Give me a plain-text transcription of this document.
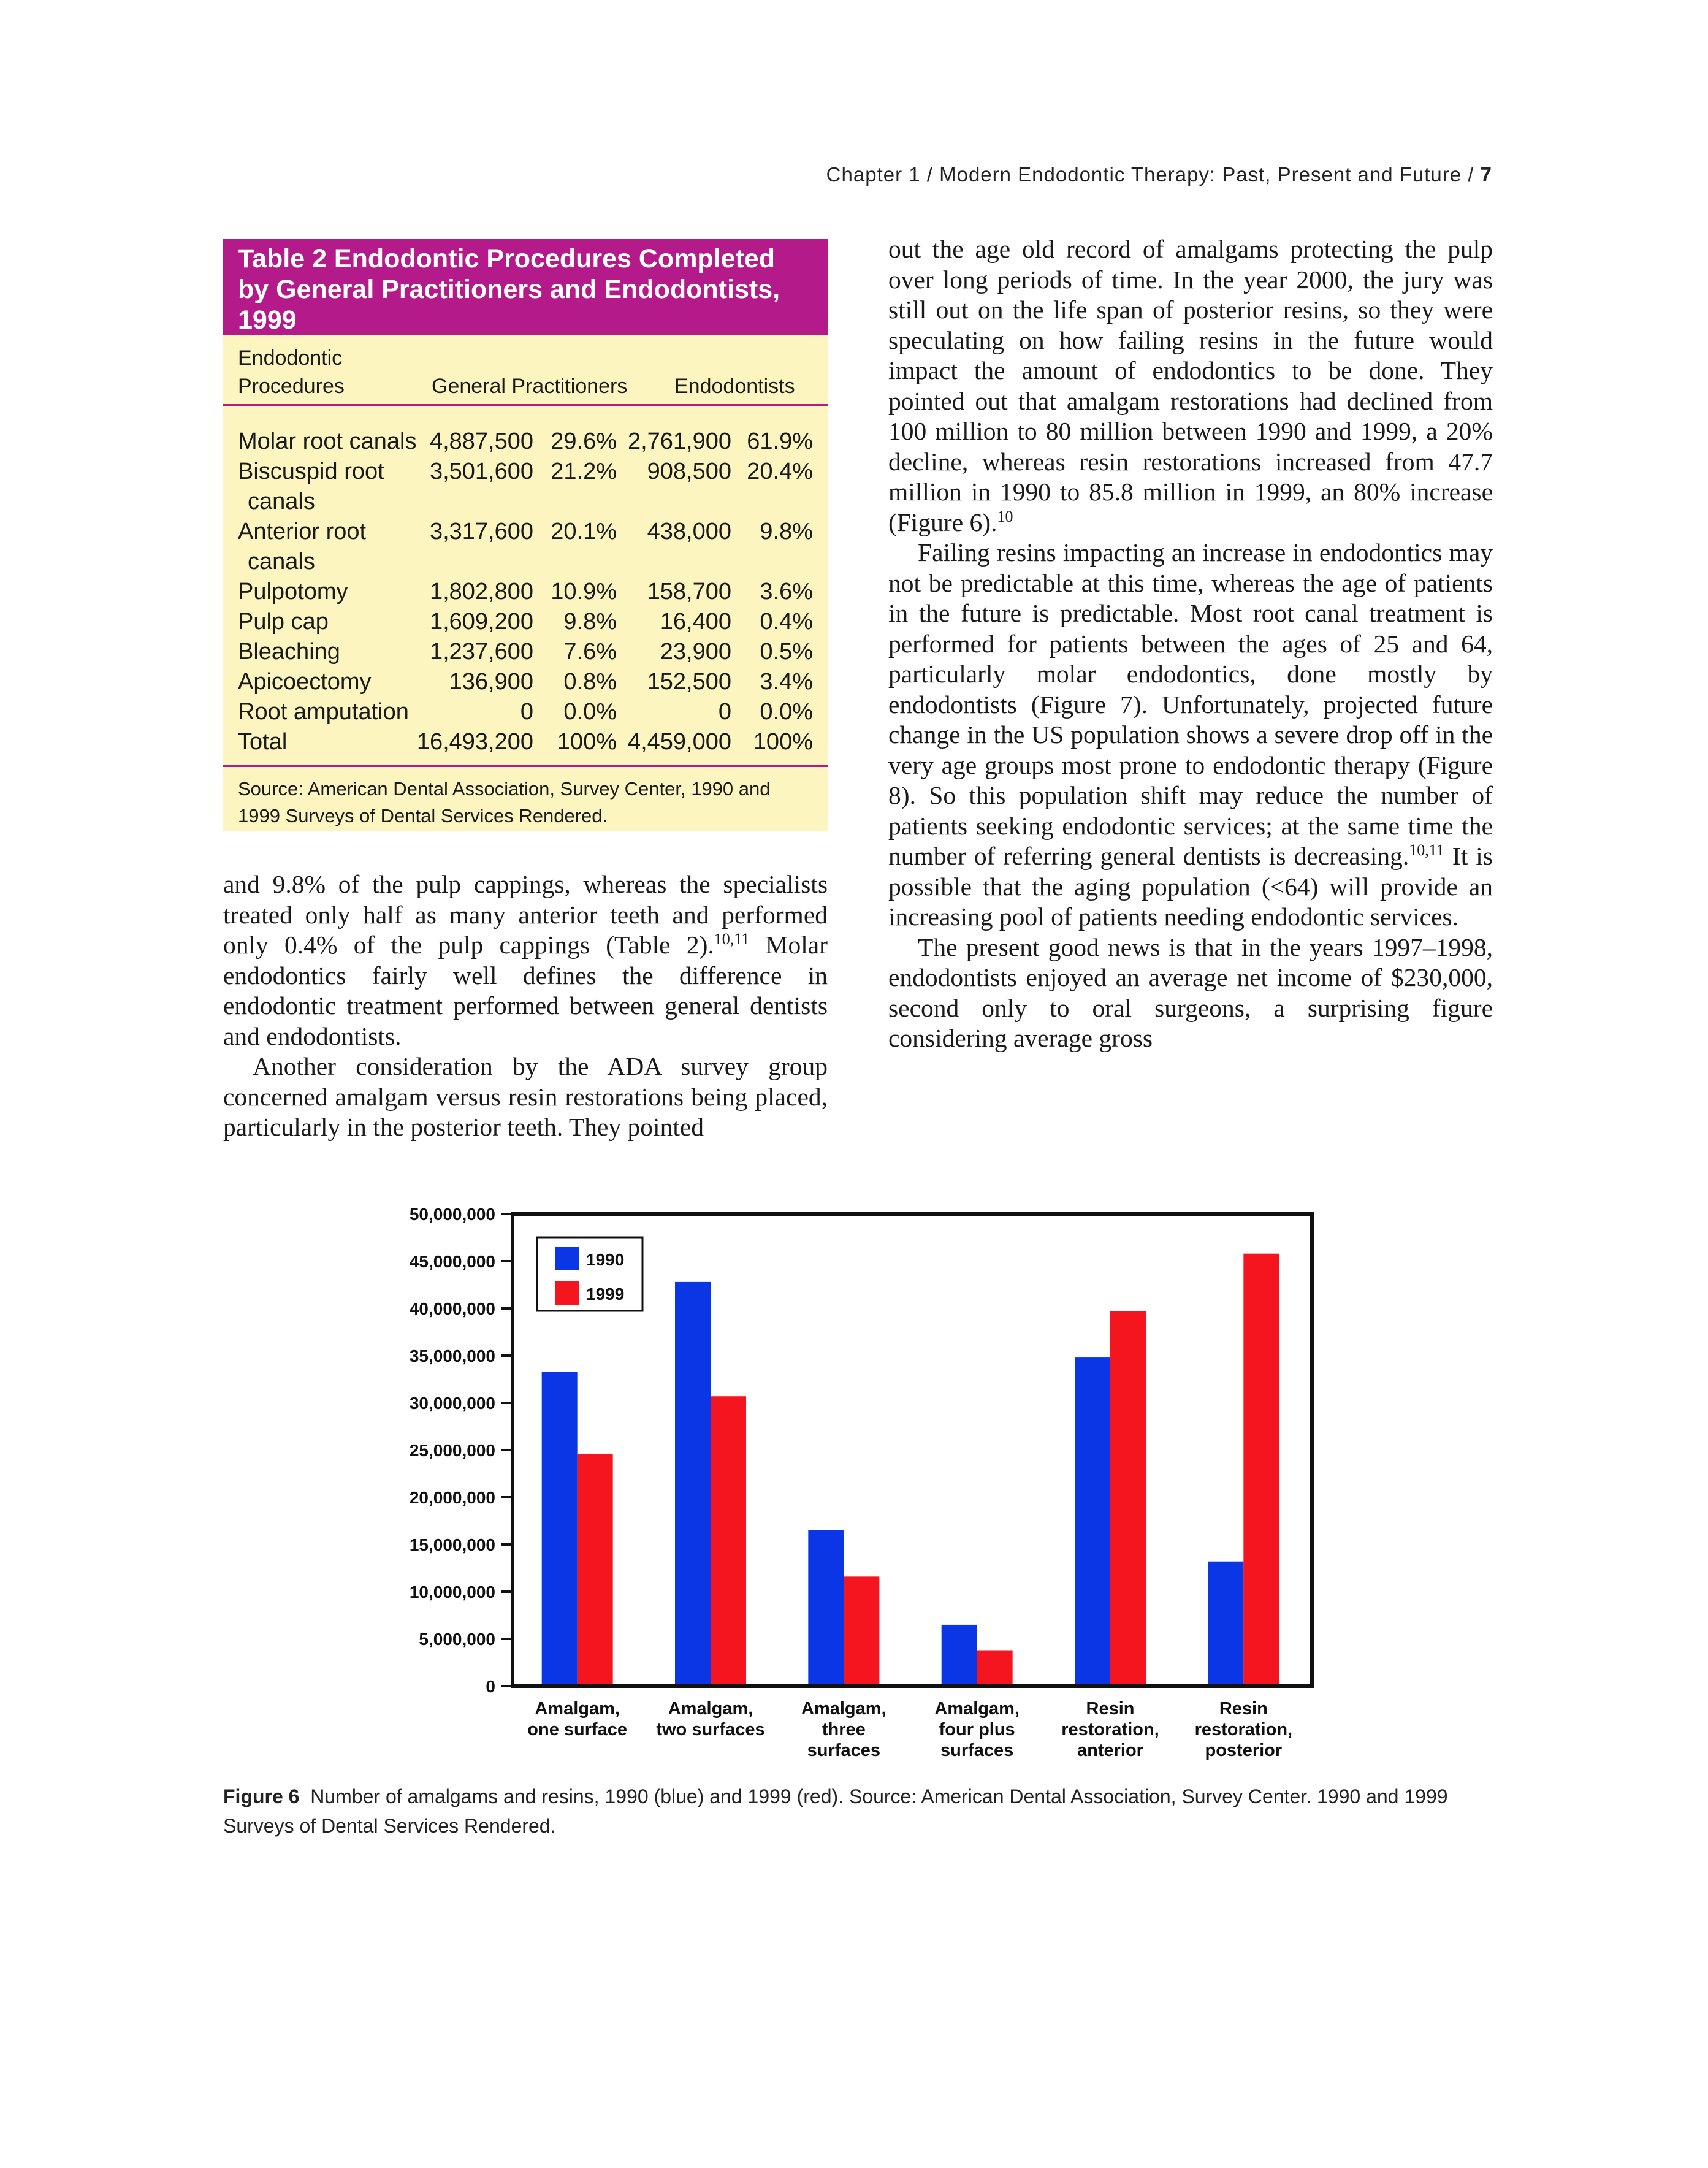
Chapter 1 / Modern Endodontic Therapy: Past, Present and Future / 7
Table 2 Endodontic Procedures Completed
by General Practitioners and Endodontists,
1999
Endodontic
Procedures	General Practitioners Endodontists
Molar root canals 4,887,500 29.6% 2,761,900 61.9%
Biscuspid root 3,501,600 21.2% 908,500 20.4%
canals
Anterior root	3,317,600 20.1% 438,000 9.8%
canals
Pulpotomy	1,802,800 10.9% 158,700 3.6%
Pulp cap	1,609,200 9.8% 16,400 0.4%
Bleaching	1,237,600 7.6% 23,900 0.5%
Apicoectomy	136,900 0.8% 152,500 3.4%
Root amputation	0 0.0%	0 0.0%
Total	16,493,200 100% 4,459,000 100%
Source: American Dental Association, Survey Center, 1990 and 1999 Surveys of Dental Services Rendered.

and 9.8% of the pulp cappings, whereas the specialists treated only half as many anterior teeth and performed only 0.4% of the pulp cappings (Table 2).$^{10,11}$ Molar endodontics fairly well defines the difference in endodontic treatment performed between general dentists and endodontists.

Another consideration by the ADA survey group concerned amalgam versus resin restorations being placed, particularly in the posterior teeth. They pointed

out the age old record of amalgams protecting the pulp over long periods of time. In the year 2000, the jury was still out on the life span of posterior resins, so they were speculating on how failing resins in the future would impact the amount of endodontics to be done. They pointed out that amalgam restorations had declined from 100 million to 80 million between 1990 and 1999, a 20% decline, whereas resin restorations increased from 47.7 million in 1990 to 85.8 million in 1999, an 80% increase (Figure 6).$^{10}$

Failing resins impacting an increase in endodontics may not be predictable at this time, whereas the age of patients in the future is predictable. Most root canal treatment is performed for patients between the ages of 25 and 64, particularly molar endodontics, done mostly by endodontists (Figure 7). Unfortunately, projected future change in the US population shows a severe drop off in the very age groups most prone to endodontic therapy (Figure 8). So this population shift may reduce the number of patients seeking endodontic services; at the same time the number of referring general dentists is decreasing.$^{10,11}$ It is possible that the aging population (<64) will provide an increasing pool of patients needing endodontic services.

The present good news is that in the years 1997–1998, endodontists enjoyed an average net income of $230,000, second only to oral surgeons, a surprising figure considering average gross

Amalgam,
one surface
Amalgam,
two surfaces
Amalgam,
three
surfaces
Amalgam,
four plus
surfaces
Resin
restoration,
anterior
Resin
restoration,
posterior
0
5,000,000
10,000,000
15,000,000
20,000,000
25,000,000
30,000,000
35,000,000
40,000,000
45,000,000
50,000,000
1990
1999
Figure 6 Number of amalgams and resins, 1990 (blue) and 1999 (red). Source: American Dental Association, Survey Center. 1990 and 1999 Surveys of Dental Services Rendered.
